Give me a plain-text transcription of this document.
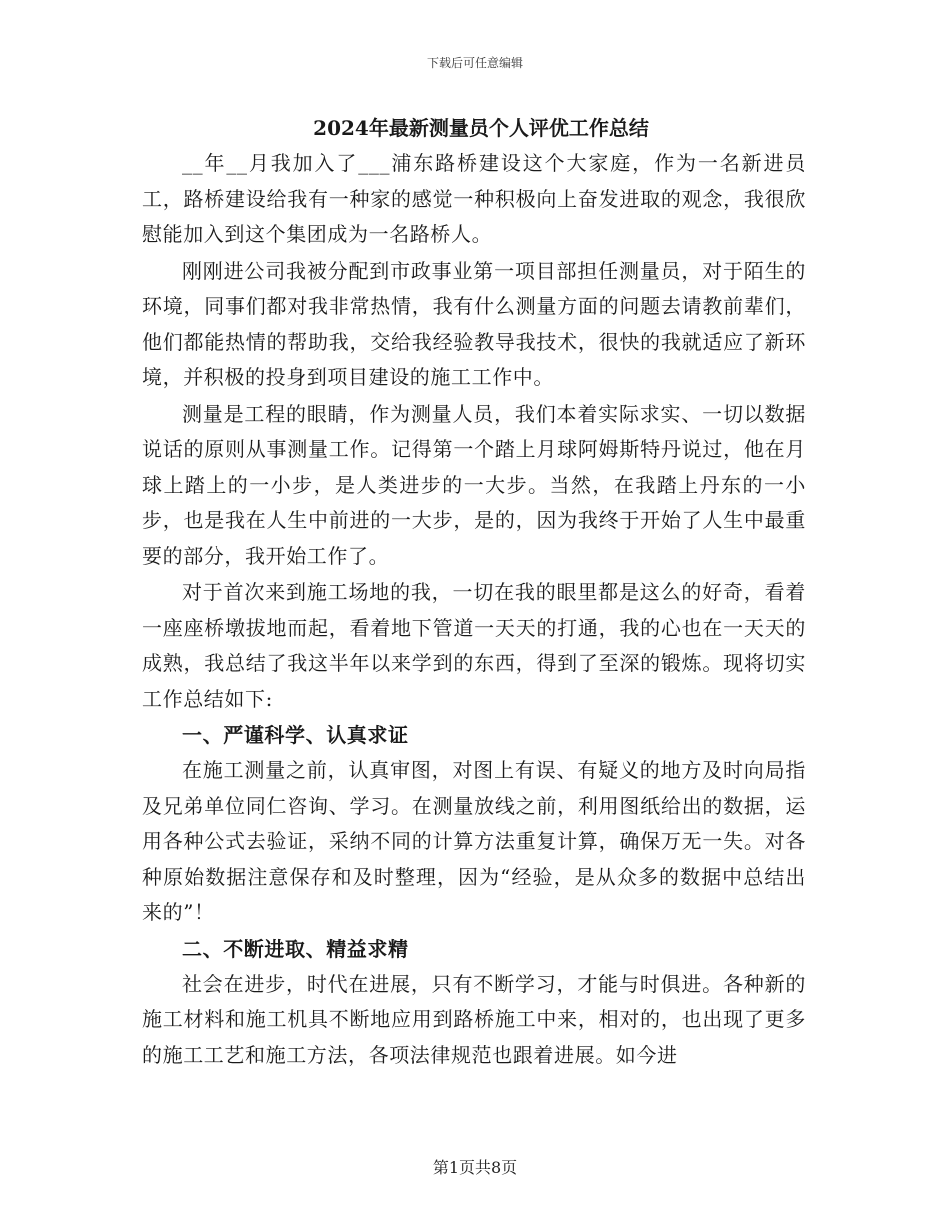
下载后可任意编辑
2024年最新测量员个人评优工作总结

__年__月我加入了___浦东路桥建设这个大家庭，作为一名新进员工，路桥建设给我有一种家的感觉一种积极向上奋发进取的观念，我很欣慰能加入到这个集团成为一名路桥人。

刚刚进公司我被分配到市政事业第一项目部担任测量员，对于陌生的环境，同事们都对我非常热情，我有什么测量方面的问题去请教前辈们，他们都能热情的帮助我，交给我经验教导我技术，很快的我就适应了新环境，并积极的投身到项目建设的施工工作中。

测量是工程的眼睛，作为测量人员，我们本着实际求实、一切以数据说话的原则从事测量工作。记得第一个踏上月球阿姆斯特丹说过，他在月球上踏上的一小步，是人类进步的一大步。当然，在我踏上丹东的一小步，也是我在人生中前进的一大步，是的，因为我终于开始了人生中最重要的部分，我开始工作了。

对于首次来到施工场地的我，一切在我的眼里都是这么的好奇，看着一座座桥墩拔地而起，看着地下管道一天天的打通，我的心也在一天天的成熟，我总结了我这半年以来学到的东西，得到了至深的锻炼。现将切实工作总结如下:

一、严谨科学、认真求证

在施工测量之前，认真审图，对图上有误、有疑义的地方及时向局指及兄弟单位同仁咨询、学习。在测量放线之前，利用图纸给出的数据，运用各种公式去验证，采纳不同的计算方法重复计算，确保万无一失。对各种原始数据注意保存和及时整理，因为“经验，是从众多的数据中总结出来的”！

二、不断进取、精益求精

社会在进步，时代在进展，只有不断学习，才能与时俱进。各种新的施工材料和施工机具不断地应用到路桥施工中来，相对的，也出现了更多的施工工艺和施工方法，各项法律规范也跟着进展。如今进

第1页共8页
